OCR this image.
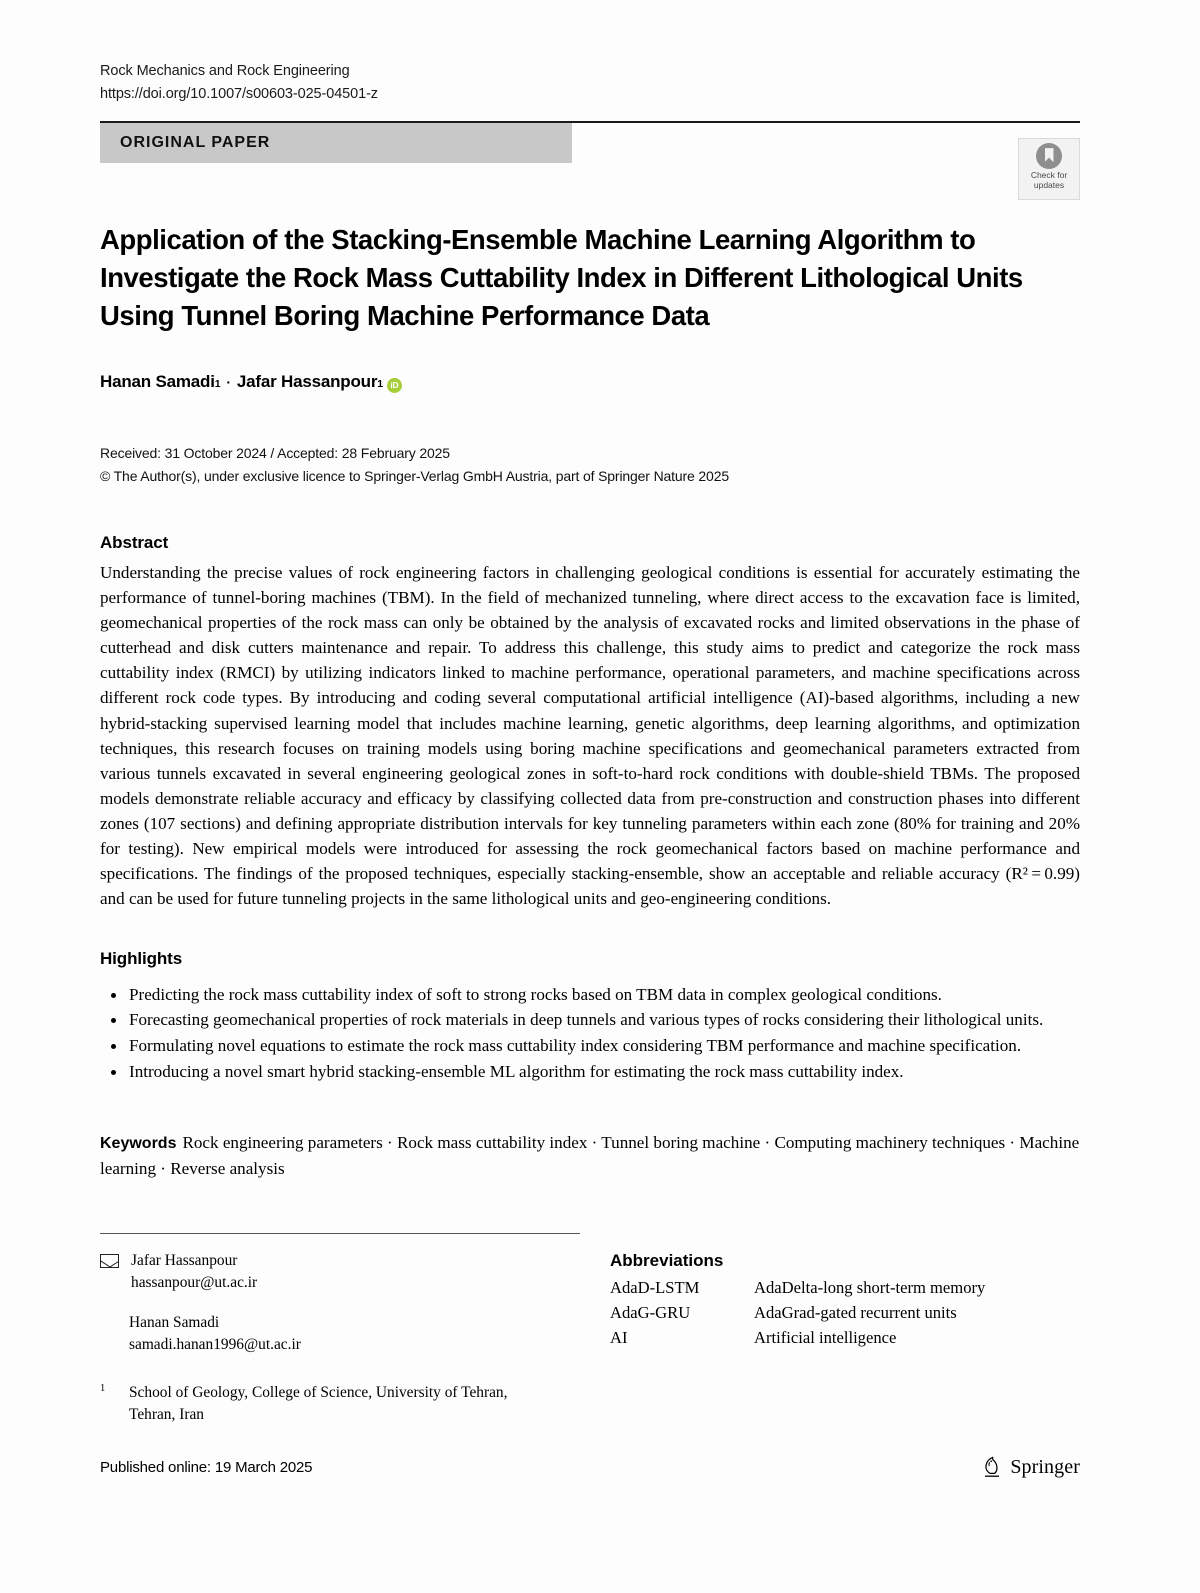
Rock Mechanics and Rock Engineering
https://doi.org/10.1007/s00603-025-04501-z
ORIGINAL PAPER
Check for
updates
Application of the Stacking-Ensemble Machine Learning Algorithm to Investigate the Rock Mass Cuttability Index in Different Lithological Units Using Tunnel Boring Machine Performance Data
Hanan Samadi 1 · Jafar Hassanpour 1 iD
Received: 31 October 2024 / Accepted: 28 February 2025
© The Author(s), under exclusive licence to Springer-Verlag GmbH Austria, part of Springer Nature 2025
Abstract
Understanding the precise values of rock engineering factors in challenging geological conditions is essential for accurately estimating the performance of tunnel-boring machines (TBM). In the field of mechanized tunneling, where direct access to the excavation face is limited, geomechanical properties of the rock mass can only be obtained by the analysis of excavated rocks and limited observations in the phase of cutterhead and disk cutters maintenance and repair. To address this challenge, this study aims to predict and categorize the rock mass cuttability index (RMCI) by utilizing indicators linked to machine performance, operational parameters, and machine specifications across different rock code types. By introducing and coding several computational artificial intelligence (AI)-based algorithms, including a new hybrid-stacking supervised learning model that includes machine learning, genetic algorithms, deep learning algorithms, and optimization techniques, this research focuses on training models using boring machine specifications and geomechanical parameters extracted from various tunnels excavated in several engineering geological zones in soft-to-hard rock conditions with double-shield TBMs. The proposed models demonstrate reliable accuracy and efficacy by classifying collected data from pre-construction and construction phases into different zones (107 sections) and defining appropriate distribution intervals for key tunneling parameters within each zone (80% for training and 20% for testing). New empirical models were introduced for assessing the rock geomechanical factors based on machine performance and specifications. The findings of the proposed techniques, especially stacking-ensemble, show an acceptable and reliable accuracy (R² = 0.99) and can be used for future tunneling projects in the same lithological units and geo-engineering conditions.
Highlights
Predicting the rock mass cuttability index of soft to strong rocks based on TBM data in complex geological conditions.
Forecasting geomechanical properties of rock materials in deep tunnels and various types of rocks considering their lithological units.
Formulating novel equations to estimate the rock mass cuttability index considering TBM performance and machine specification.
Introducing a novel smart hybrid stacking-ensemble ML algorithm for estimating the rock mass cuttability index.
Keywords Rock engineering parameters · Rock mass cuttability index · Tunnel boring machine · Computing machinery techniques · Machine learning · Reverse analysis
Jafar Hassanpour
hassanpour@ut.ac.ir
Hanan Samadi
samadi.hanan1996@ut.ac.ir
1	School of Geology, College of Science, University of Tehran, Tehran, Iran
Abbreviations
AdaD-LSTM	AdaDelta-long short-term memory
AdaG-GRU	AdaGrad-gated recurrent units
AI	Artificial intelligence
Published online: 19 March 2025	Springer
